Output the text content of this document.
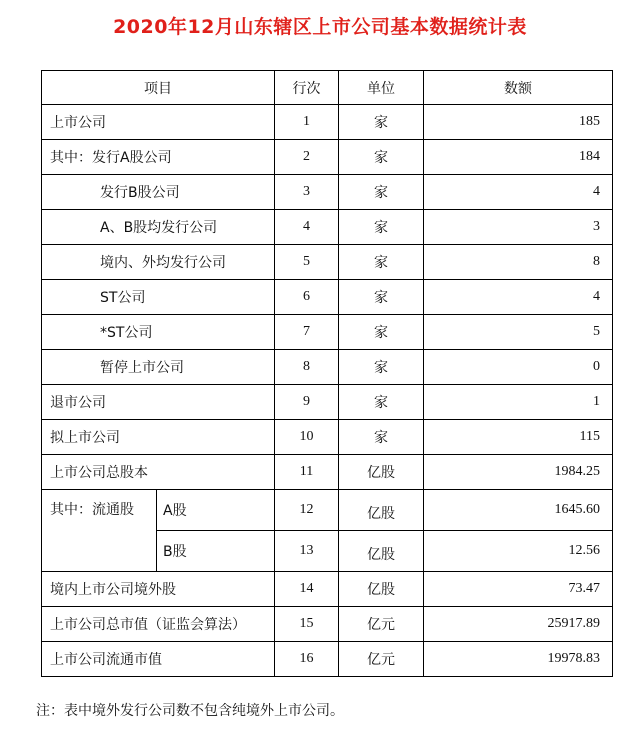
2020年12月山东辖区上市公司基本数据统计表
项目		行次	单位	数额
上市公司		1	家	185
其中：发行A股公司		2	家	184
发行B股公司		3	家	4
A、B股均发行公司		4	家	3
境内、外均发行公司		5	家	8
ST公司		6	家	4
*ST公司		7	家	5
暂停上市公司		8	家	0
退市公司		9	家	1
拟上市公司		10	家	115
上市公司总股本		11	亿股	1984.25
其中：流通股	A股	12	亿股	1645.60
	B股	13	亿股	12.56
境内上市公司境外股		14	亿股	73.47
上市公司总市值（证监会算法）		15	亿元	25917.89
上市公司流通市值		16	亿元	19978.83
注：表中境外发行公司数不包含纯境外上市公司。
